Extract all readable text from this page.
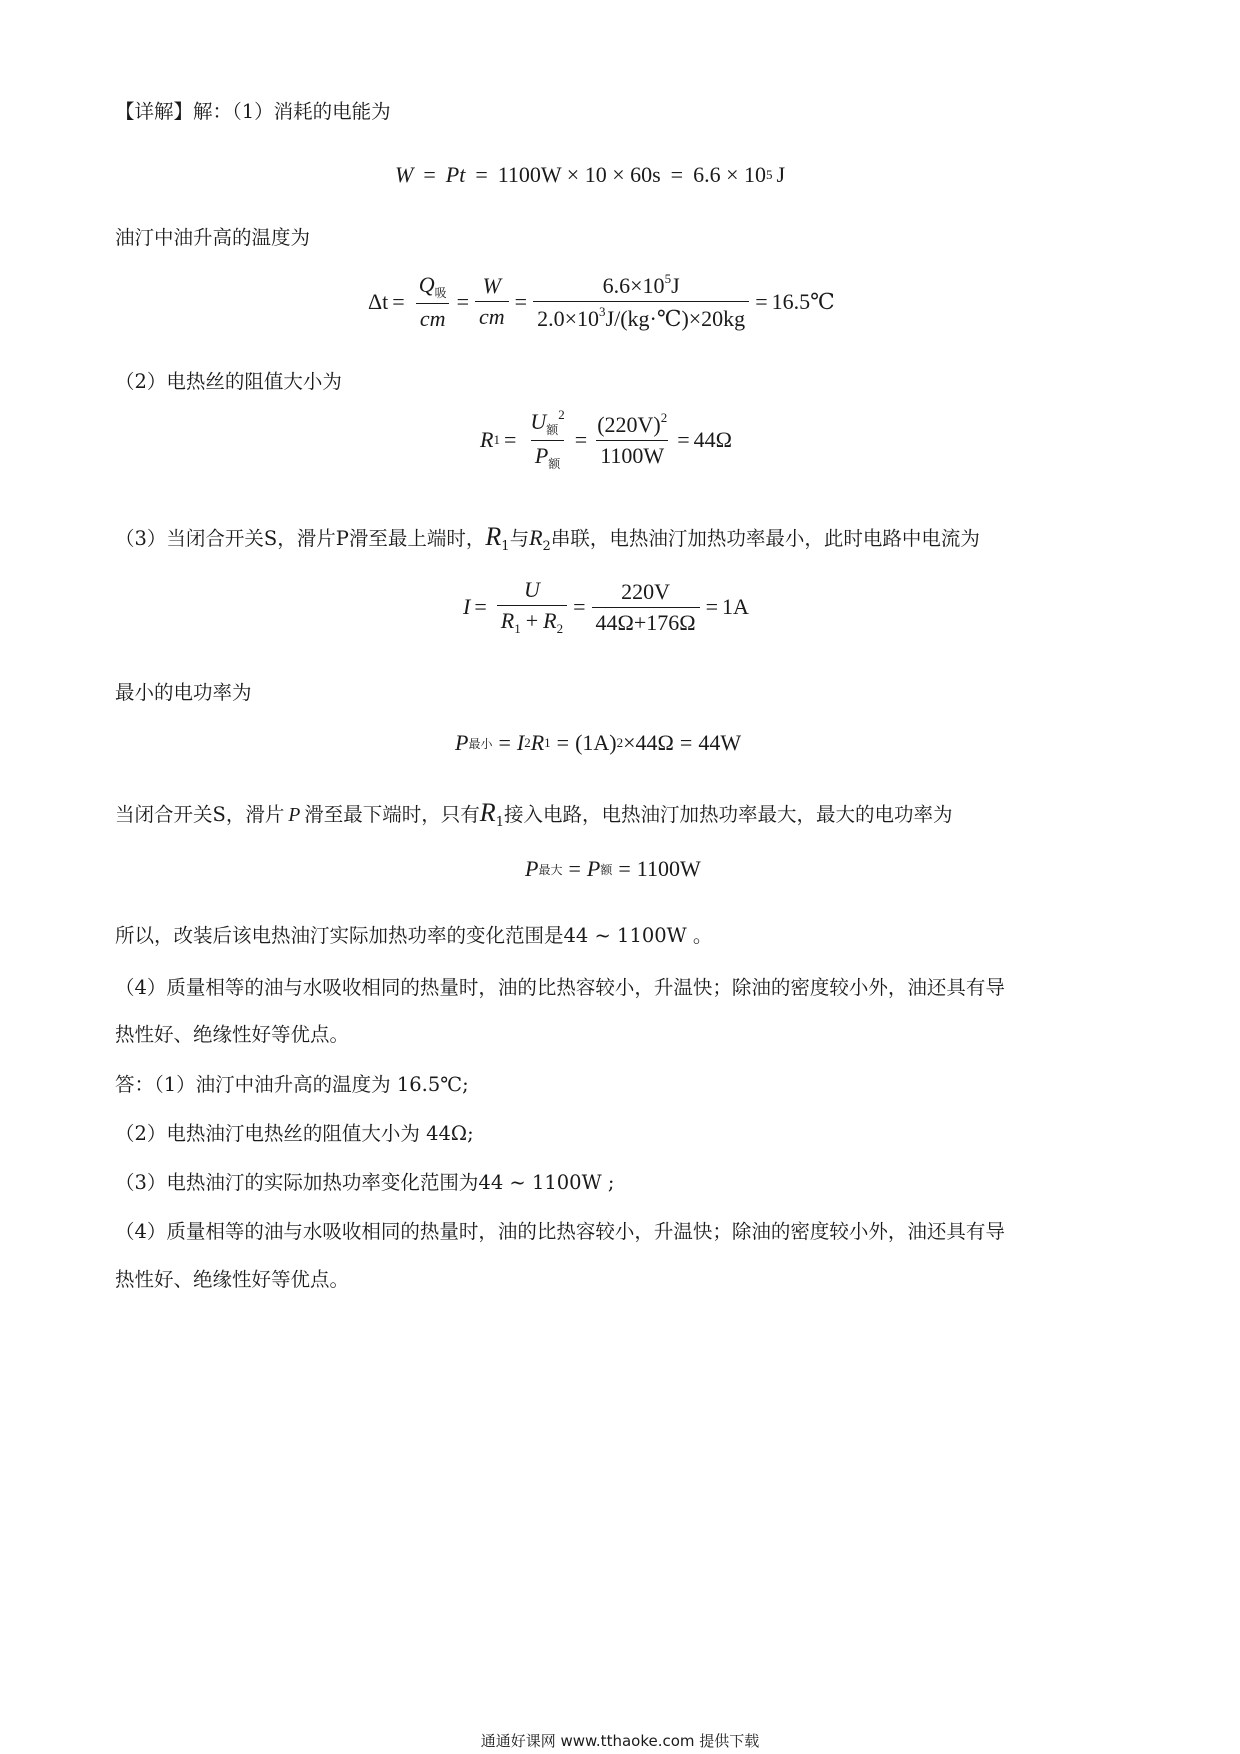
【详解】解：（1）消耗的电能为
W = Pt = 1100W × 10 × 60s = 6.6 × 10 5 J
油汀中油升高的温度为
$\Delta t = \frac{Q_吸}{cm} = \frac{W}{cm} = \frac{6.6\times 10^5J}{2.0\times 10^3J/(kg\cdot℃)\times 20kg}$ = 16.5℃
（2）电热丝的阻值大小为
R $1 = \frac{U_额^2}{P_额} = \frac{(220V)^2}{1100W} = 44\Omega$
（3）当闭合开关S，滑片P滑至最上端时，$R_1$与$R_2$串联，电热油汀加热功率最小，此时电路中电流为
$I = \frac{U}{R_1 + R_2} = \frac{220V}{44\Omega+176\Omega} = 1A$
最小的电功率为
P 最小 = I 2 R 1 = (1A) 2 ×44Ω = 44W
当闭合开关S，滑片 P 滑至最下端时，只有$R_1$接入电路，电热油汀加热功率最大，最大的电功率为
P 最大 = P 额 = 1100W
所以，改装后该电热油汀实际加热功率的变化范围是44 ~ 1100W 。
（4）质量相等的油与水吸收相同的热量时，油的比热容较小，升温快；除油的密度较小外，油还具有导
热性好、绝缘性好等优点。
答：（1）油汀中油升高的温度为 16.5℃;
（2）电热油汀电热丝的阻值大小为 44Ω;
（3）电热油汀的实际加热功率变化范围为44 ~ 1100W ;
（4）质量相等的油与水吸收相同的热量时，油的比热容较小，升温快；除油的密度较小外，油还具有导
热性好、绝缘性好等优点。
通通好课网 www.tthaoke.com 提供下载
